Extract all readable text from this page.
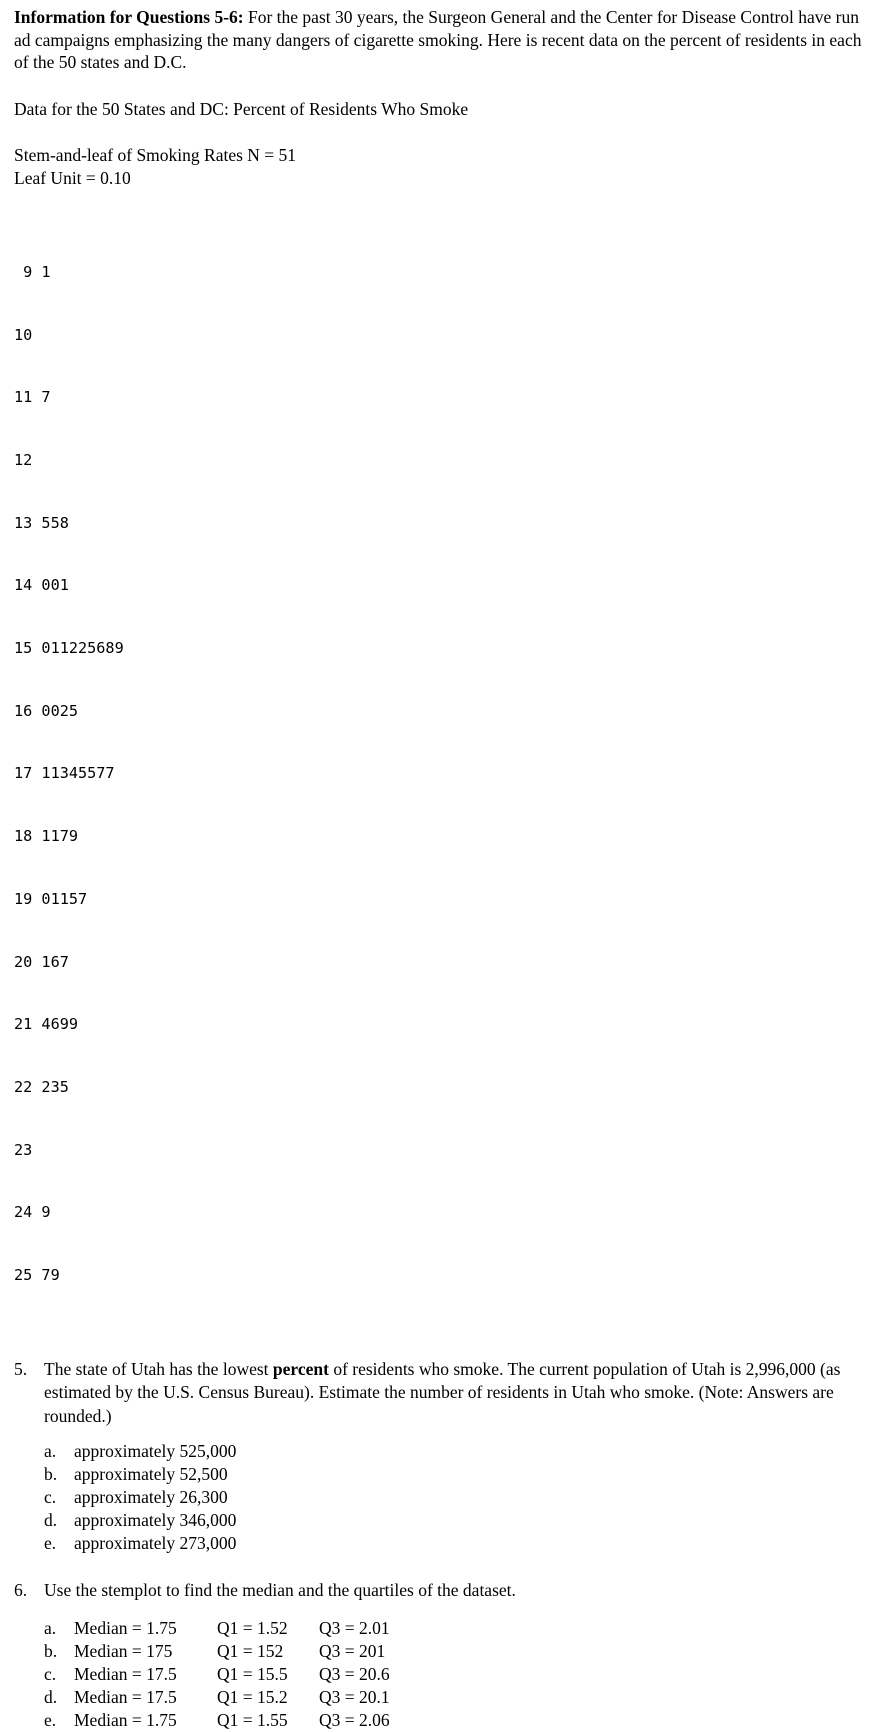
Information for Questions 5-6: For the past 30 years, the Surgeon General and the Center for Disease Control have run ad campaigns emphasizing the many dangers of cigarette smoking. Here is recent data on the percent of residents in each of the 50 states and D.C.

Data for the 50 States and DC: Percent of Residents Who Smoke

Stem-and-leaf of Smoking Rates N = 51

Leaf Unit = 0.10

9 1

10

11 7

12

13 558

14 001

15 011225689

16 0025

17 11345577

18 1179

19 01157

20 167

21 4699

22 235

23

24 9

25 79

5. The state of Utah has the lowest percent of residents who smoke. The current population of Utah is 2,996,000 (as estimated by the U.S. Census Bureau). Estimate the number of residents in Utah who smoke. (Note: Answers are rounded.)
a.	approximately 525,000
b. approximately 52,500
c.	approximately 26,300
d. approximately 346,000
e.	approximately 273,000
6. Use the stemplot to find the median and the quartiles of the dataset.
a.	Median = 1.75	Q1 = 1.52	Q3 = 2.01
b. Median = 175	Q1 = 152	Q3 = 201
c.	Median = 17.5	Q1 = 15.5	Q3 = 20.6
d. Median = 17.5	Q1 = 15.2	Q3 = 20.1
e.	Median = 1.75	Q1 = 1.55	Q3 = 2.06
